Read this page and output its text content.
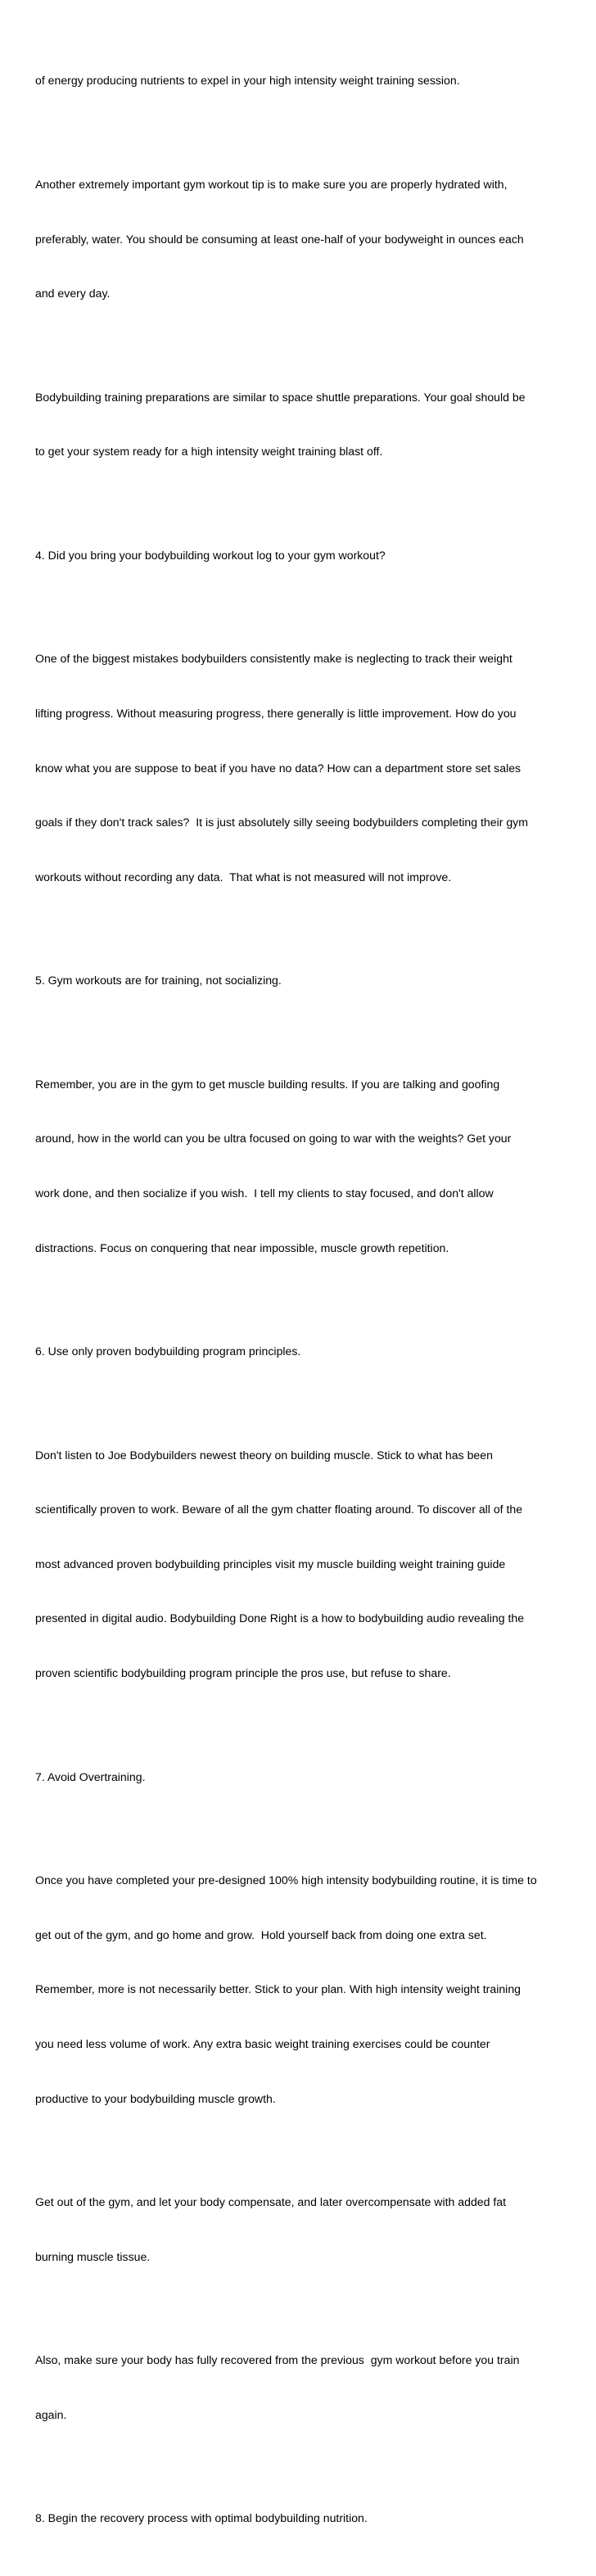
of energy producing nutrients to expel in your high intensity weight training session.

Another extremely important gym workout tip is to make sure you are properly hydrated with,

preferably, water. You should be consuming at least one-half of your bodyweight in ounces each

and every day.

Bodybuilding training preparations are similar to space shuttle preparations. Your goal should be

to get your system ready for a high intensity weight training blast off.

4. Did you bring your bodybuilding workout log to your gym workout?

One of the biggest mistakes bodybuilders consistently make is neglecting to track their weight

lifting progress. Without measuring progress, there generally is little improvement. How do you

know what you are suppose to beat if you have no data? How can a department store set sales

goals if they don't track sales?  It is just absolutely silly seeing bodybuilders completing their gym

workouts without recording any data.  That what is not measured will not improve.

5. Gym workouts are for training, not socializing.

Remember, you are in the gym to get muscle building results. If you are talking and goofing

around, how in the world can you be ultra focused on going to war with the weights? Get your

work done, and then socialize if you wish.  I tell my clients to stay focused, and don't allow

distractions. Focus on conquering that near impossible, muscle growth repetition.

6. Use only proven bodybuilding program principles.

Don't listen to Joe Bodybuilders newest theory on building muscle. Stick to what has been

scientifically proven to work. Beware of all the gym chatter floating around. To discover all of the

most advanced proven bodybuilding principles visit my muscle building weight training guide

presented in digital audio. Bodybuilding Done Right is a how to bodybuilding audio revealing the

proven scientific bodybuilding program principle the pros use, but refuse to share.

7. Avoid Overtraining.

Once you have completed your pre-designed 100% high intensity bodybuilding routine, it is time to

get out of the gym, and go home and grow.  Hold yourself back from doing one extra set.

Remember, more is not necessarily better. Stick to your plan. With high intensity weight training

you need less volume of work. Any extra basic weight training exercises could be counter

productive to your bodybuilding muscle growth.

Get out of the gym, and let your body compensate, and later overcompensate with added fat

burning muscle tissue.

Also, make sure your body has fully recovered from the previous  gym workout before you train

again.

8. Begin the recovery process with optimal bodybuilding nutrition.
